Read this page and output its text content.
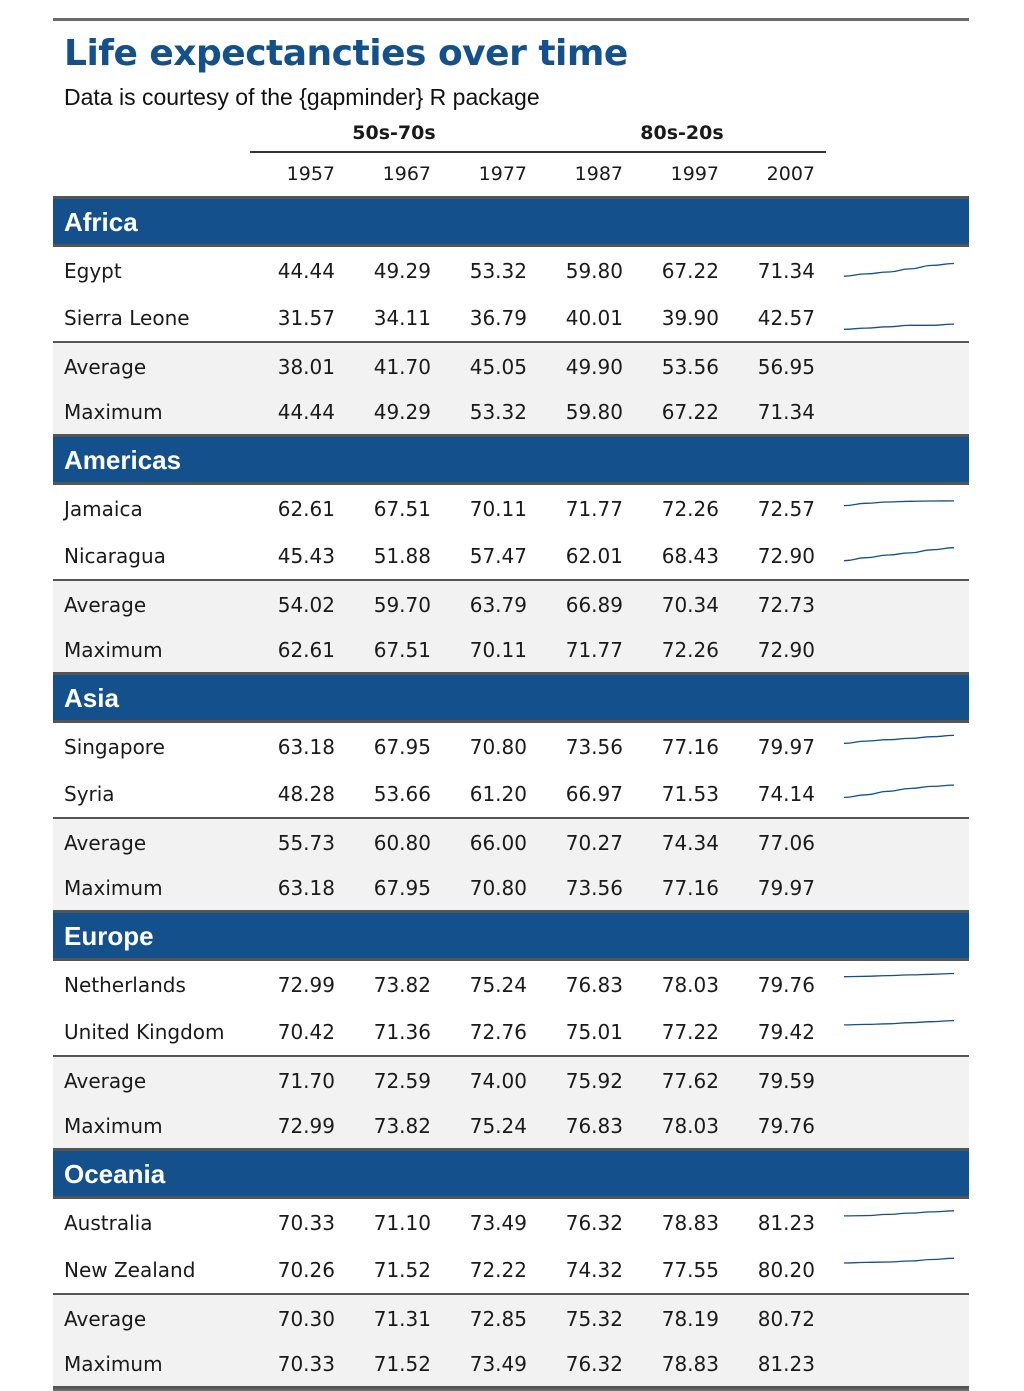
Life expectancties over time
Data is courtesy of the {gapminder} R package
50s-70s	80s-20s
1957	1967	1977	1987	1997	2007
Africa
Egypt	44.44	49.29	53.32	59.80	67.22	71.34
Sierra Leone	31.57	34.11	36.79	40.01	39.90	42.57
Average	38.01	41.70	45.05	49.90	53.56	56.95
Maximum	44.44	49.29	53.32	59.80	67.22	71.34
Americas
Jamaica	62.61	67.51	70.11	71.77	72.26	72.57
Nicaragua	45.43	51.88	57.47	62.01	68.43	72.90
Average	54.02	59.70	63.79	66.89	70.34	72.73
Maximum	62.61	67.51	70.11	71.77	72.26	72.90
Asia
Singapore	63.18	67.95	70.80	73.56	77.16	79.97
Syria	48.28	53.66	61.20	66.97	71.53	74.14
Average	55.73	60.80	66.00	70.27	74.34	77.06
Maximum	63.18	67.95	70.80	73.56	77.16	79.97
Europe
Netherlands	72.99	73.82	75.24	76.83	78.03	79.76
United Kingdom	70.42	71.36	72.76	75.01	77.22	79.42
Average	71.70	72.59	74.00	75.92	77.62	79.59
Maximum	72.99	73.82	75.24	76.83	78.03	79.76
Oceania
Australia	70.33	71.10	73.49	76.32	78.83	81.23
New Zealand	70.26	71.52	72.22	74.32	77.55	80.20
Average	70.30	71.31	72.85	75.32	78.19	80.72
Maximum	70.33	71.52	73.49	76.32	78.83	81.23
